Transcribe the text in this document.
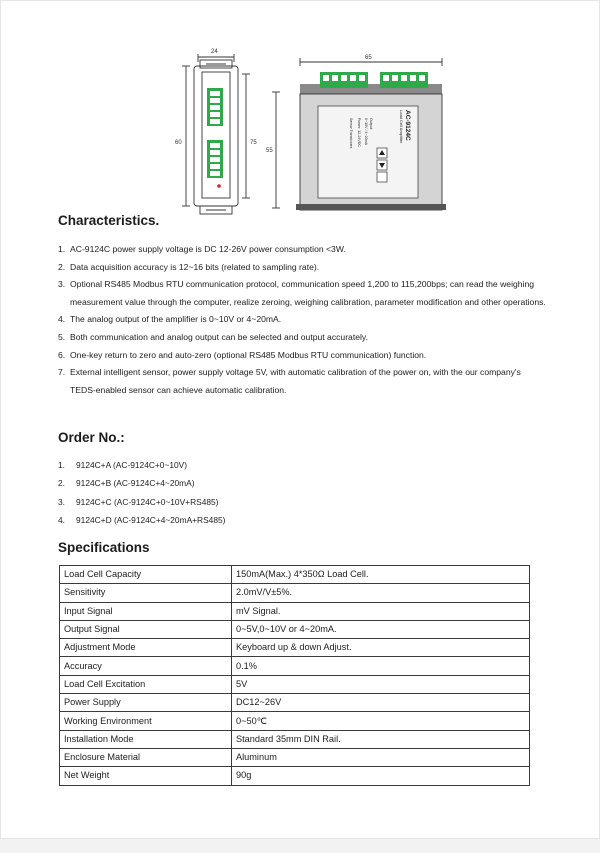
24
60	75
AC-9124C
Load Cell Amplifier
Output:
0~10V / 4~20mA
Power: 12-24VDC
Sensor Transducers
65
55
Characteristics.
1. AC-9124C power supply voltage is DC 12-26V power consumption <3W.
2. Data acquisition accuracy is 12~16 bits (related to sampling rate).
3. Optional RS485 Modbus RTU communication protocol, communication speed 1,200 to 115,200bps; can read the weighing measurement value through the computer, realize zeroing, weighing calibration, parameter modification and other operations.
4. The analog output of the amplifier is 0~10V or 4~20mA.
5. Both communication and analog output can be selected and output accurately.
6. One-key return to zero and auto-zero (optional RS485 Modbus RTU communication) function.
7. External intelligent sensor, power supply voltage 5V, with automatic calibration of the power on, with the our company's TEDS-enabled sensor can achieve automatic calibration.
Order No.:
1. 9124C+A (AC-9124C+0~10V)
2. 9124C+B (AC-9124C+4~20mA)
3. 9124C+C (AC-9124C+0~10V+RS485)
4. 9124C+D (AC-9124C+4~20mA+RS485)
Specifications
Load Cell Capacity	150mA(Max.) 4*350Ω Load Cell.
Sensitivity	2.0mV/V±5%.
Input Signal	mV Signal.
Output Signal	0~5V,0~10V or 4~20mA.
Adjustment Mode	Keyboard up & down Adjust.
Accuracy	0.1%
Load Cell Excitation	5V
Power Supply	DC12~26V
Working Environment	0~50℃
Installation Mode	Standard 35mm DIN Rail.
Enclosure Material	Aluminum
Net Weight	90g
